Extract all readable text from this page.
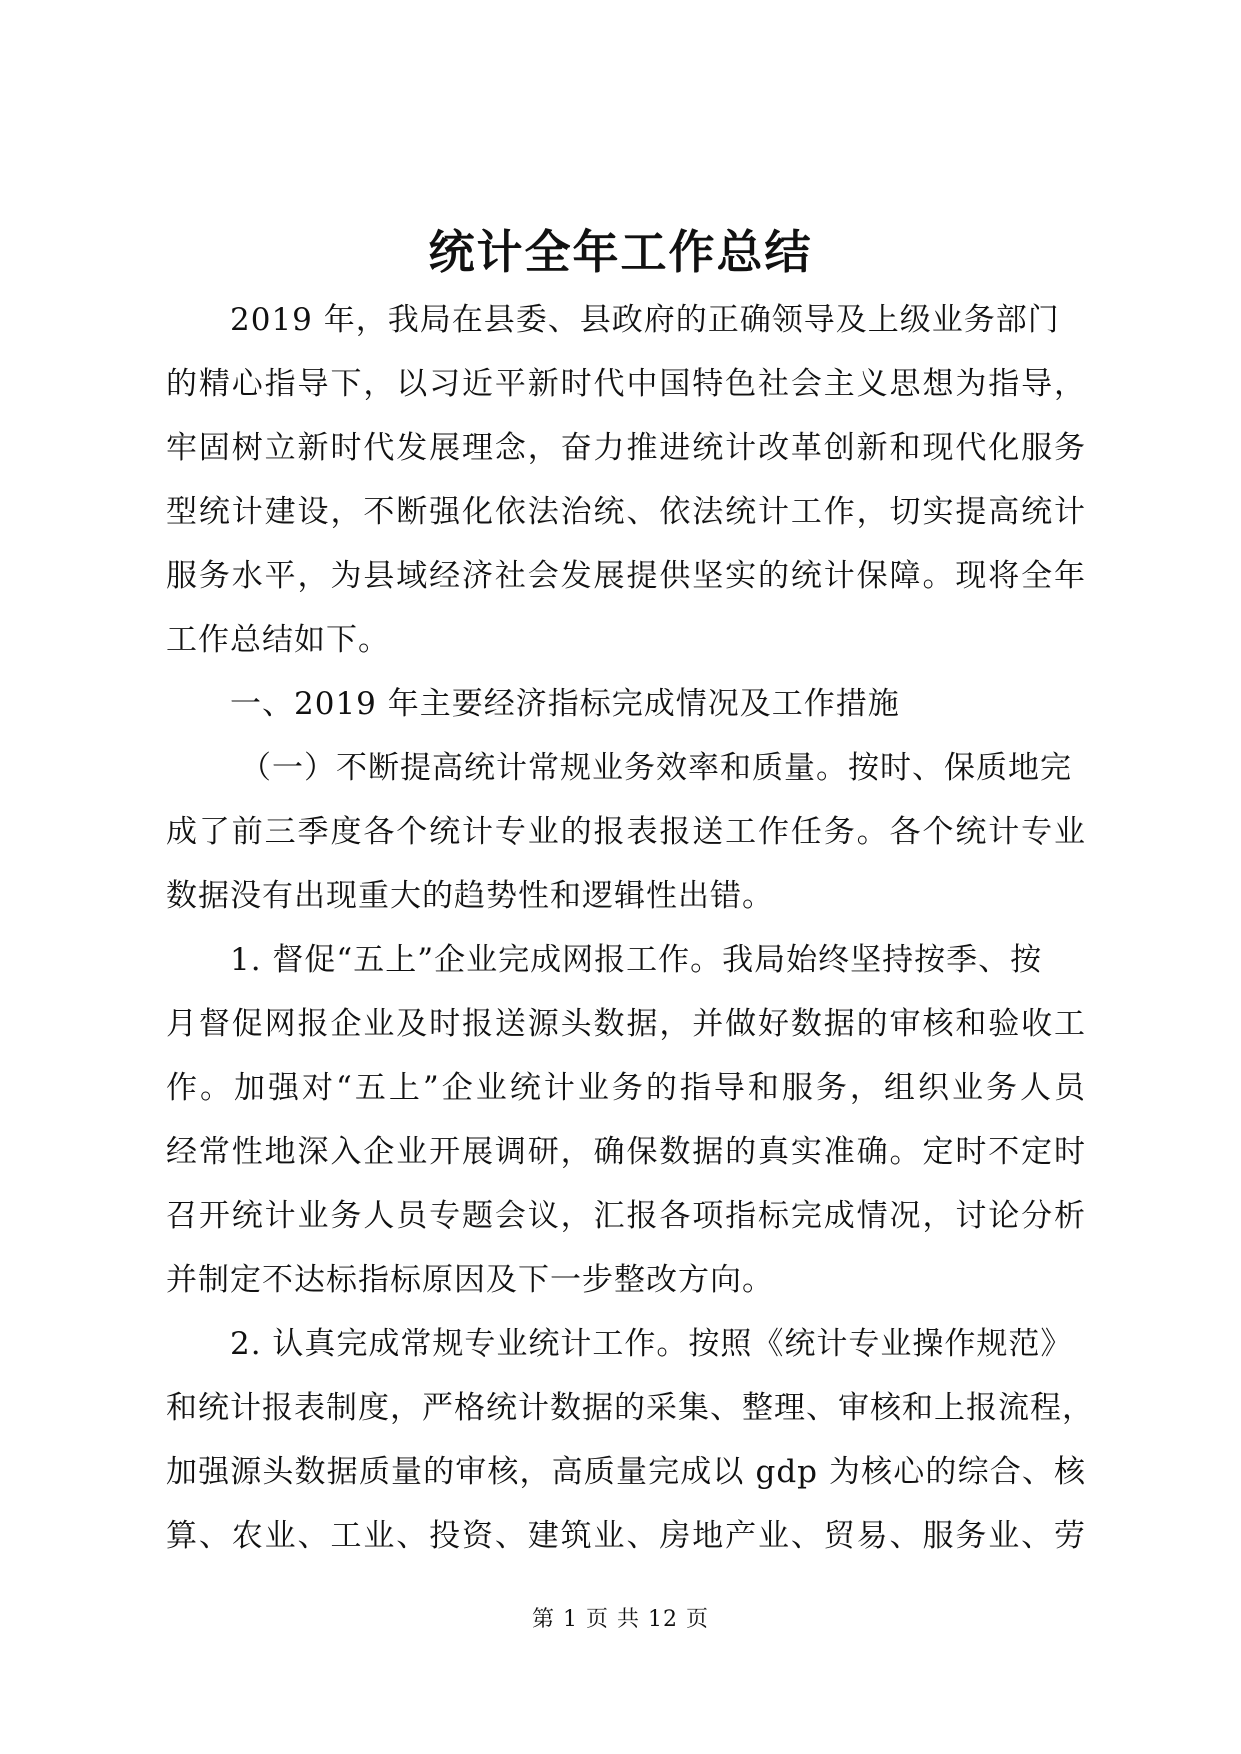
统计全年工作总结
2019 年，我局在县委、县政府的正确领导及上级业务部门
的精心指导下，以习近平新时代中国特色社会主义思想为指导，
牢固树立新时代发展理念，奋力推进统计改革创新和现代化服务
型统计建设，不断强化依法治统、依法统计工作，切实提高统计
服务水平，为县域经济社会发展提供坚实的统计保障。现将全年
工作总结如下。
一、2019 年主要经济指标完成情况及工作措施
（一）不断提高统计常规业务效率和质量。按时、保质地完
成了前三季度各个统计专业的报表报送工作任务。各个统计专业
数据没有出现重大的趋势性和逻辑性出错。
1. 督促“五上”企业完成网报工作。我局始终坚持按季、按
月督促网报企业及时报送源头数据，并做好数据的审核和验收工
作。加强对“五上”企业统计业务的指导和服务，组织业务人员
经常性地深入企业开展调研，确保数据的真实准确。定时不定时
召开统计业务人员专题会议，汇报各项指标完成情况，讨论分析
并制定不达标指标原因及下一步整改方向。
2. 认真完成常规专业统计工作。按照《统计专业操作规范》
和统计报表制度，严格统计数据的采集、整理、审核和上报流程，
加强源头数据质量的审核，高质量完成以 gdp 为核心的综合、核
算、农业、工业、投资、建筑业、房地产业、贸易、服务业、劳
第 1 页 共 12 页
